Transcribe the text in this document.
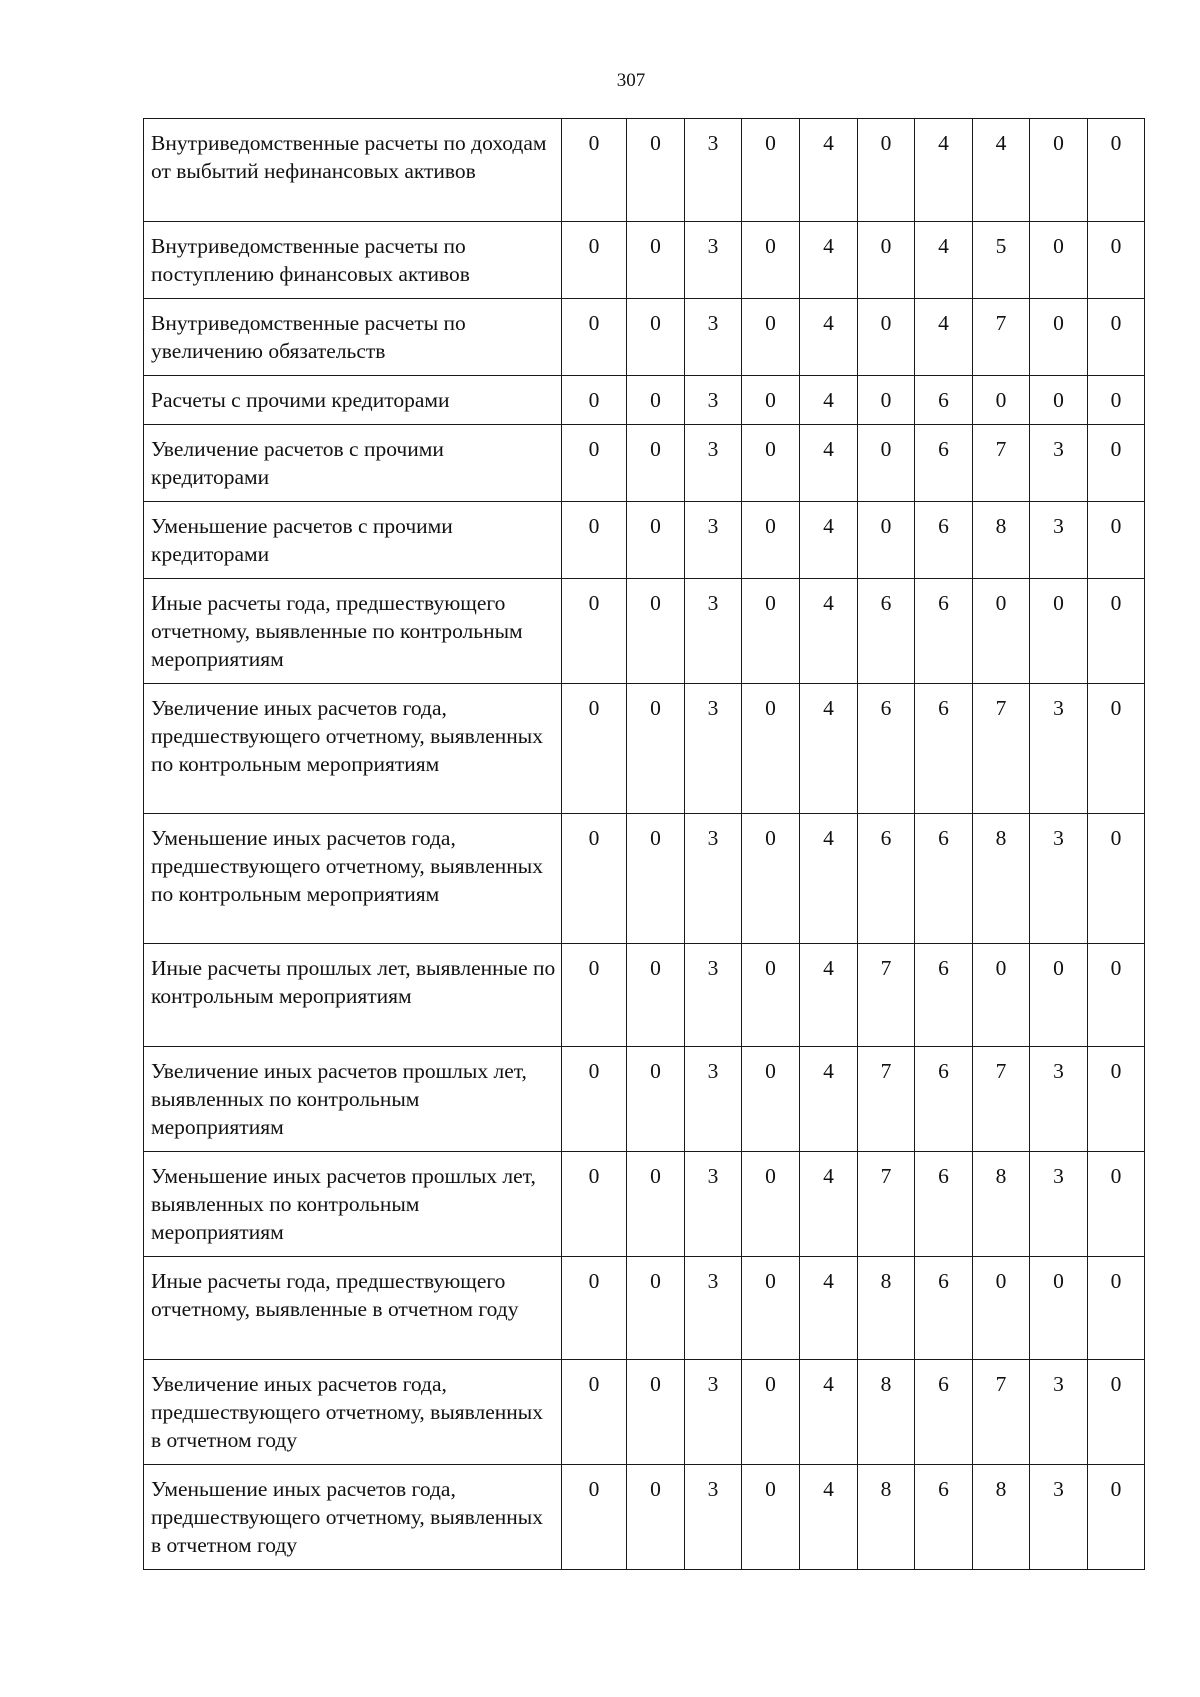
307
Внутриведомственные расчеты по доходам от выбытий нефинансовых активов	0	0	3	0	4	0	4	4	0	0
Внутриведомственные расчеты по поступлению финансовых активов	0	0	3	0	4	0	4	5	0	0
Внутриведомственные расчеты по увеличению обязательств	0	0	3	0	4	0	4	7	0	0
Расчеты с прочими кредиторами	0	0	3	0	4	0	6	0	0	0
Увеличение расчетов с прочими кредиторами	0	0	3	0	4	0	6	7	3	0
Уменьшение расчетов с прочими кредиторами	0	0	3	0	4	0	6	8	3	0
Иные расчеты года, предшествующего отчетному, выявленные по контрольным мероприятиям	0	0	3	0	4	6	6	0	0	0
Увеличение иных расчетов года, предшествующего отчетному, выявленных по контрольным мероприятиям	0	0	3	0	4	6	6	7	3	0
Уменьшение иных расчетов года, предшествующего отчетному, выявленных по контрольным мероприятиям	0	0	3	0	4	6	6	8	3	0
Иные расчеты прошлых лет, выявленные по контрольным мероприятиям	0	0	3	0	4	7	6	0	0	0
Увеличение иных расчетов прошлых лет, выявленных по контрольным мероприятиям	0	0	3	0	4	7	6	7	3	0
Уменьшение иных расчетов прошлых лет, выявленных по контрольным мероприятиям	0	0	3	0	4	7	6	8	3	0
Иные расчеты года, предшествующего отчетному, выявленные в отчетном году	0	0	3	0	4	8	6	0	0	0
Увеличение иных расчетов года, предшествующего отчетному, выявленных в отчетном году	0	0	3	0	4	8	6	7	3	0
Уменьшение иных расчетов года, предшествующего отчетному, выявленных в отчетном году	0	0	3	0	4	8	6	8	3	0
